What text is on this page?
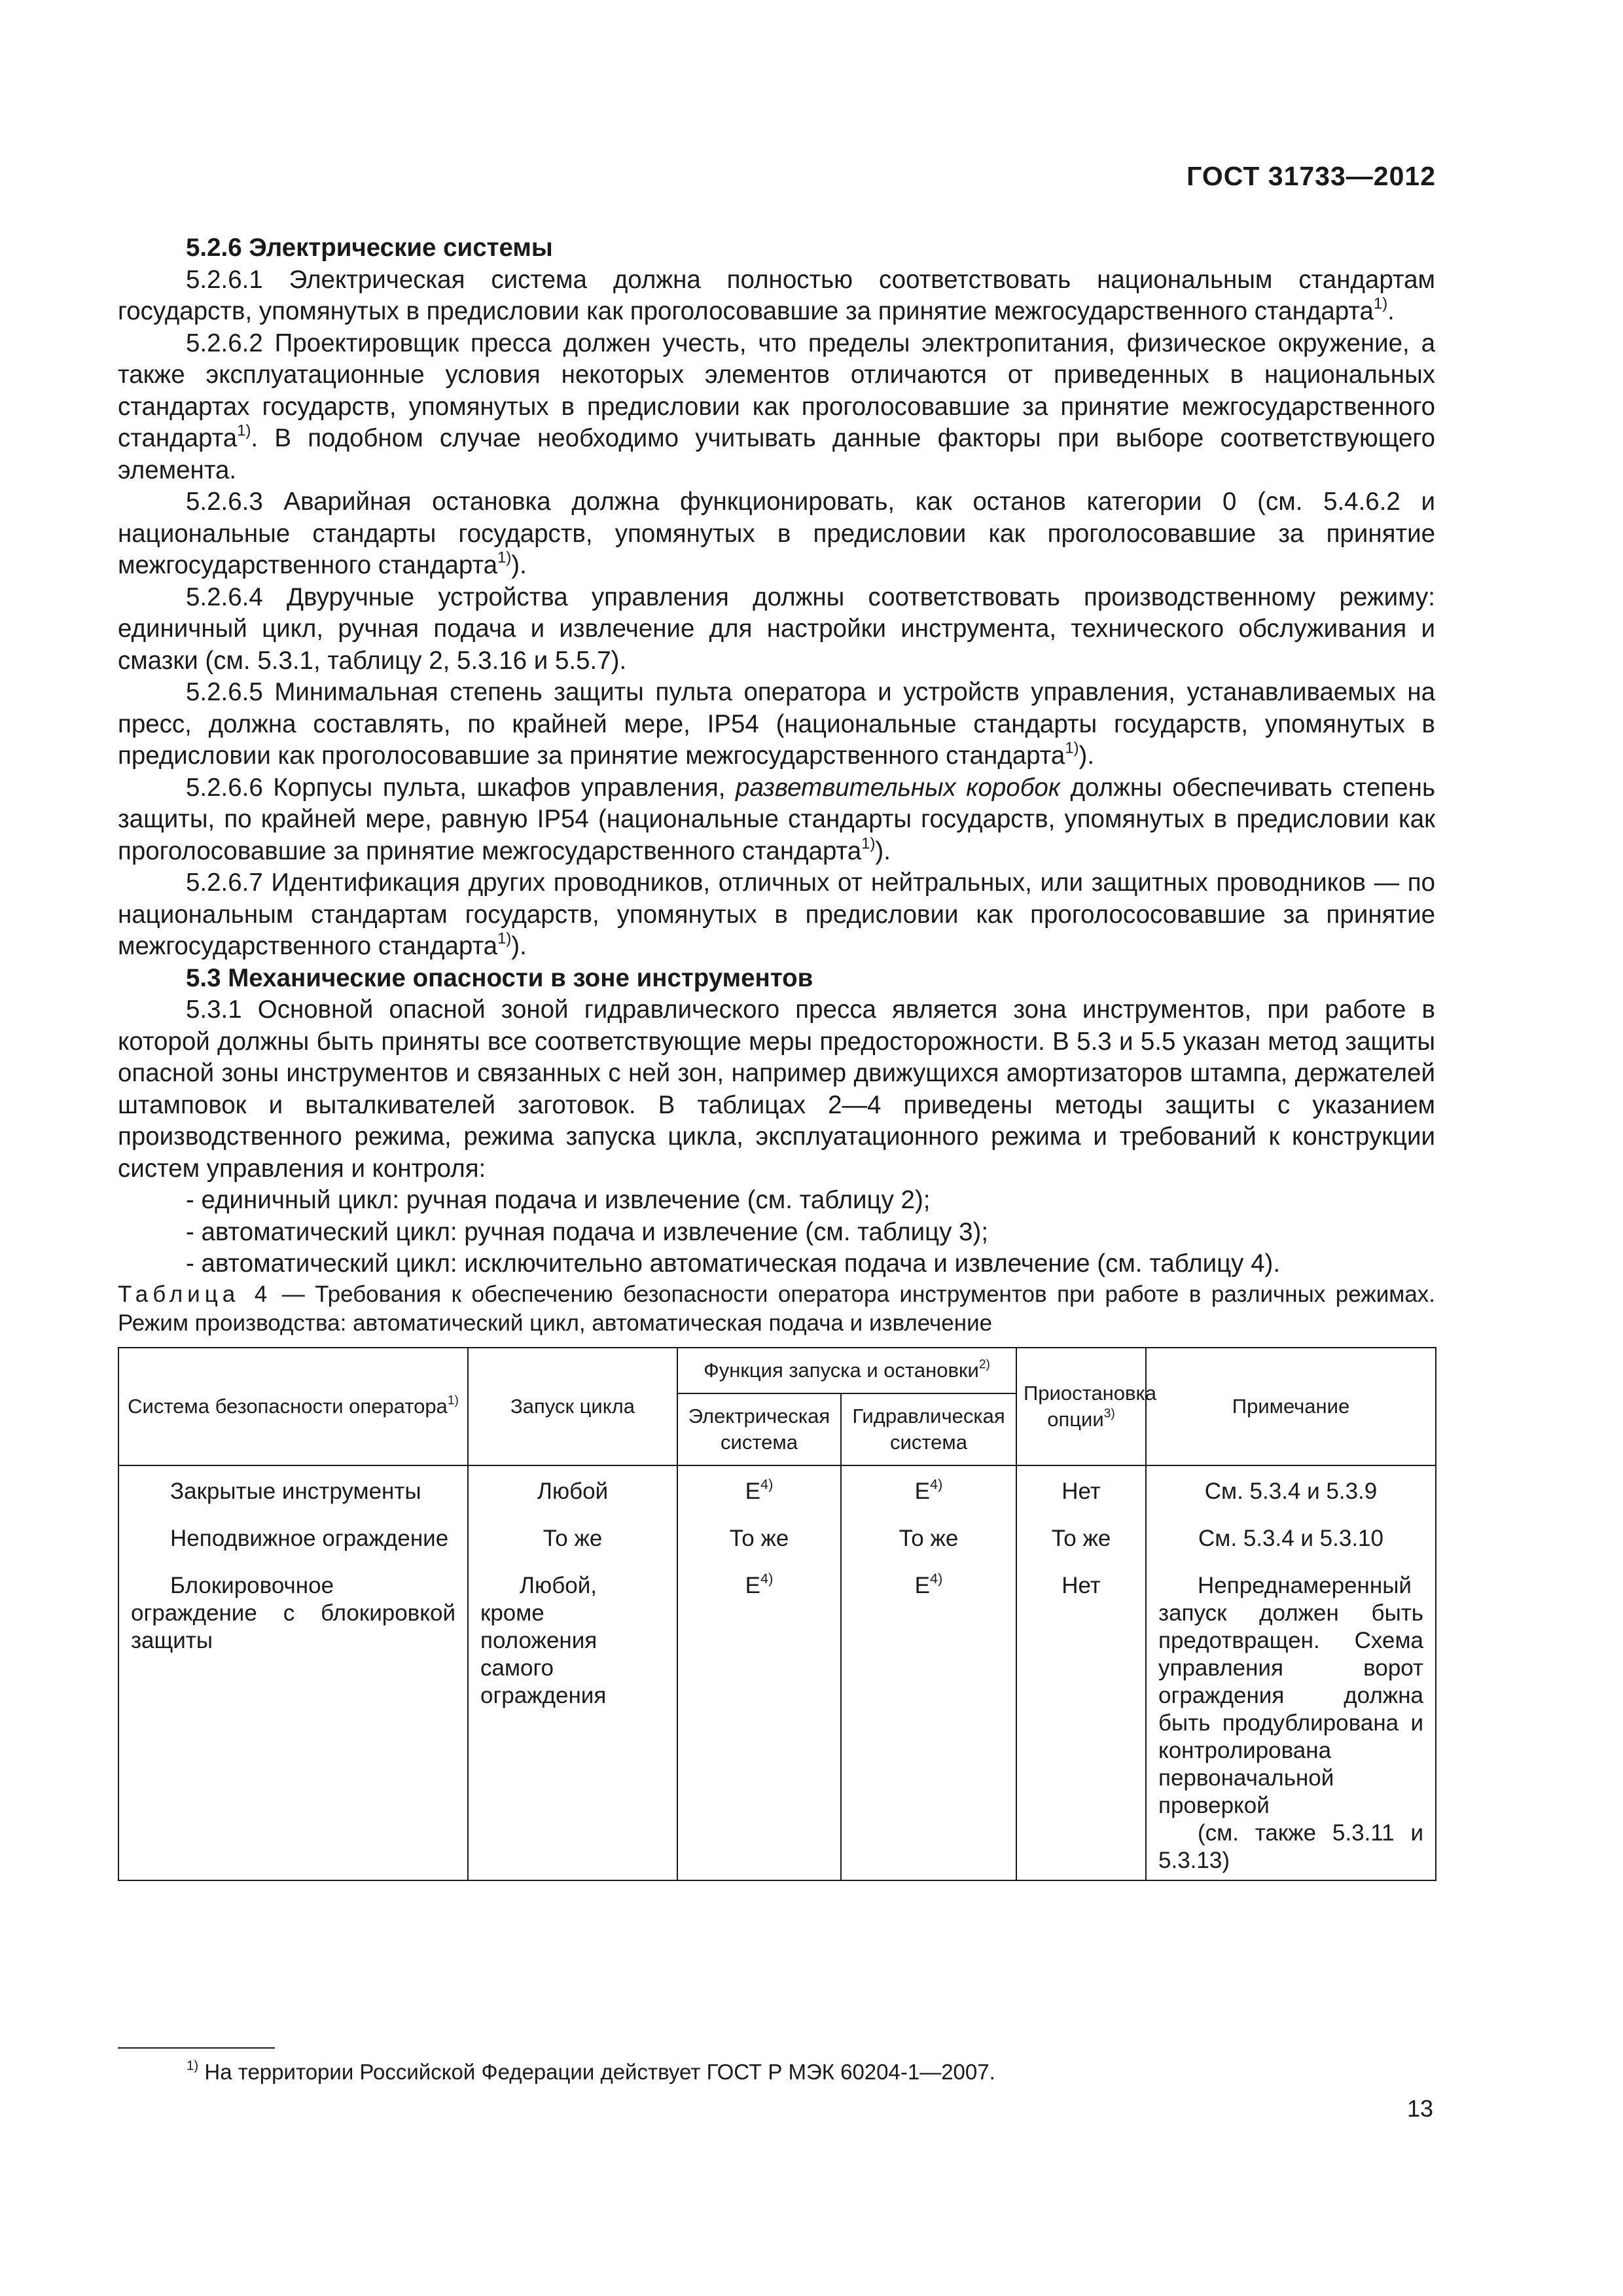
ГОСТ 31733—2012
5.2.6 Электрические системы

5.2.6.1 Электрическая система должна полностью соответствовать национальным стандартам государств, упомянутых в предисловии как проголосовавшие за принятие межгосударственного стандарта$^{1)}$.

5.2.6.2 Проектировщик пресса должен учесть, что пределы электропитания, физическое окружение, а также эксплуатационные условия некоторых элементов отличаются от приведенных в национальных стандартах государств, упомянутых в предисловии как проголосовавшие за принятие межгосударственного стандарта$^{1)}$. В подобном случае необходимо учитывать данные факторы при выборе соответствующего элемента.

5.2.6.3 Аварийная остановка должна функционировать, как останов категории 0 (см. 5.4.6.2 и национальные стандарты государств, упомянутых в предисловии как проголосовавшие за принятие межгосударственного стандарта$^{1)}$).

5.2.6.4 Двуручные устройства управления должны соответствовать производственному режиму: единичный цикл, ручная подача и извлечение для настройки инструмента, технического обслуживания и смазки (см. 5.3.1, таблицу 2, 5.3.16 и 5.5.7).

5.2.6.5 Минимальная степень защиты пульта оператора и устройств управления, устанавливаемых на пресс, должна составлять, по крайней мере, IP54 (национальные стандарты государств, упомянутых в предисловии как проголосовавшие за принятие межгосударственного стандарта$^{1)}$).

5.2.6.6 Корпусы пульта, шкафов управления, разветвительных коробок должны обеспечивать степень защиты, по крайней мере, равную IP54 (национальные стандарты государств, упомянутых в предисловии как проголосовавшие за принятие межгосударственного стандарта$^{1)}$).

5.2.6.7 Идентификация других проводников, отличных от нейтральных, или защитных проводников — по национальным стандартам государств, упомянутых в предисловии как проголососовавшие за принятие межгосударственного стандарта$^{1)}$).

5.3 Механические опасности в зоне инструментов

5.3.1 Основной опасной зоной гидравлического пресса является зона инструментов, при работе в которой должны быть приняты все соответствующие меры предосторожности. В 5.3 и 5.5 указан метод защиты опасной зоны инструментов и связанных с ней зон, например движущихся амортизаторов штампа, держателей штамповок и выталкивателей заготовок. В таблицах 2—4 приведены методы защиты с указанием производственного режима, режима запуска цикла, эксплуатационного режима и требований к конструкции систем управления и контроля:

- единичный цикл: ручная подача и извлечение (см. таблицу 2);

- автоматический цикл: ручная подача и извлечение (см. таблицу 3);

- автоматический цикл: исключительно автоматическая подача и извлечение (см. таблицу 4).

Таблица 4 — Требования к обеспечению безопасности оператора инструментов при работе в различных режимах. Режим производства: автоматический цикл, автоматическая подача и извлечение

Система безопасности оператора$^{1)}$	Запуск цикла	Функция запуска и остановки$^{2)}$		Приостановка опции$^{3)}$	Примечание
		Электрическая система	Гидравлическая система		
Закрытые инструменты	Любой	$E^{4)}$	$E^{4)}$	Нет	См. 5.3.4 и 5.3.9
Неподвижное ограждение	То же	То же	То же	То же	См. 5.3.4 и 5.3.10
Блокировочное ограждение с блокировкой защиты	Любой, кроме положения самого ограждения	$E^{4)}$	$E^{4)}$	Нет	Непреднамеренный запуск должен быть предотвращен. Схема управления ворот ограждения должна быть продублирована и контролирована первоначальной проверкой
(см. также 5.3.11 и 5.3.13)
$^{1)}$ На территории Российской Федерации действует ГОСТ Р МЭК 60204-1—2007.
13
